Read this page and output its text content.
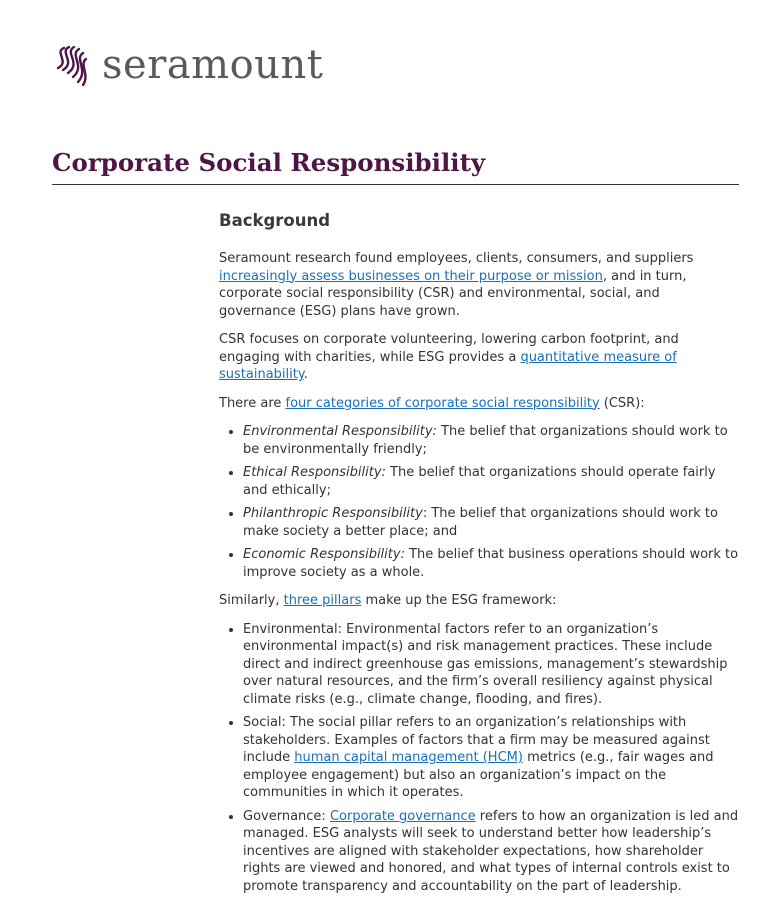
seramount
Corporate Social Responsibility
Background

Seramount research found employees, clients, consumers, and suppliers increasingly assess businesses on their purpose or mission, and in turn, corporate social responsibility (CSR) and environmental, social, and governance (ESG) plans have grown.

CSR focuses on corporate volunteering, lowering carbon footprint, and engaging with charities, while ESG provides a quantitative measure of sustainability.

There are four categories of corporate social responsibility (CSR):

• Environmental Responsibility: The belief that organizations should work to be environmentally friendly;
• Ethical Responsibility: The belief that organizations should operate fairly and ethically;
• Philanthropic Responsibility: The belief that organizations should work to make society a better place; and
• Economic Responsibility: The belief that business operations should work to improve society as a whole.

Similarly, three pillars make up the ESG framework:

• Environmental: Environmental factors refer to an organization’s environmental impact(s) and risk management practices. These include direct and indirect greenhouse gas emissions, management’s stewardship over natural resources, and the firm’s overall resiliency against physical climate risks (e.g., climate change, flooding, and fires).
• Social: The social pillar refers to an organization’s relationships with stakeholders. Examples of factors that a firm may be measured against include human capital management (HCM) metrics (e.g., fair wages and employee engagement) but also an organization’s impact on the communities in which it operates.
• Governance: Corporate governance refers to how an organization is led and managed. ESG analysts will seek to understand better how leadership’s incentives are aligned with stakeholder expectations, how shareholder rights are viewed and honored, and what types of internal controls exist to promote transparency and accountability on the part of leadership.
